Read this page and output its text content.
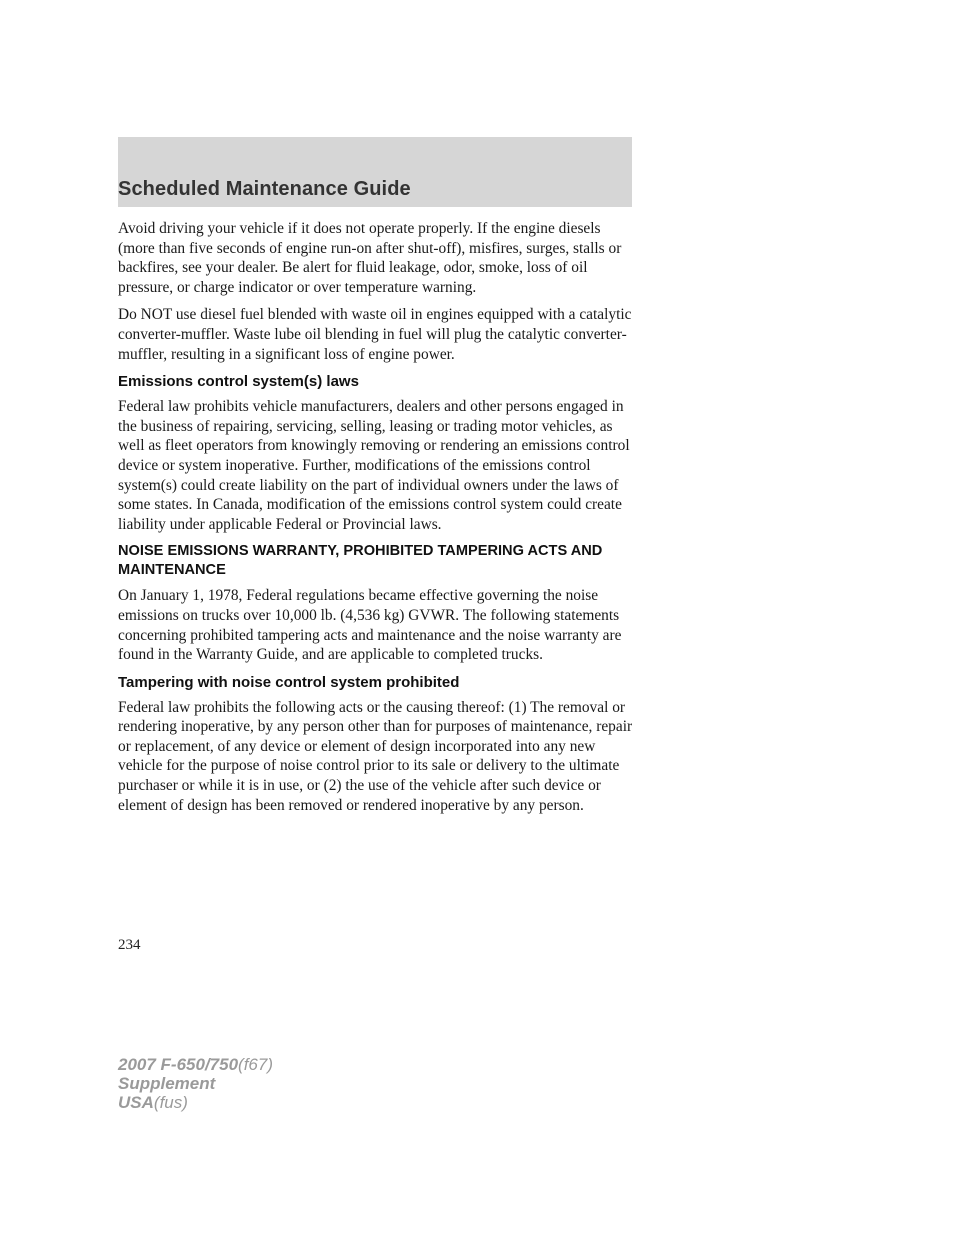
Scheduled Maintenance Guide

Avoid driving your vehicle if it does not operate properly. If the engine diesels (more than five seconds of engine run-on after shut-off), misfires, surges, stalls or backfires, see your dealer. Be alert for fluid leakage, odor, smoke, loss of oil pressure, or charge indicator or over temperature warning.

Do NOT use diesel fuel blended with waste oil in engines equipped with a catalytic converter-muffler. Waste lube oil blending in fuel will plug the catalytic converter-muffler, resulting in a significant loss of engine power.

Emissions control system(s) laws

Federal law prohibits vehicle manufacturers, dealers and other persons engaged in the business of repairing, servicing, selling, leasing or trading motor vehicles, as well as fleet operators from knowingly removing or rendering an emissions control device or system inoperative. Further, modifications of the emissions control system(s) could create liability on the part of individual owners under the laws of some states. In Canada, modification of the emissions control system could create liability under applicable Federal or Provincial laws.

NOISE EMISSIONS WARRANTY, PROHIBITED TAMPERING ACTS AND MAINTENANCE

On January 1, 1978, Federal regulations became effective governing the noise emissions on trucks over 10,000 lb. (4,536 kg) GVWR. The following statements concerning prohibited tampering acts and maintenance and the noise warranty are found in the Warranty Guide, and are applicable to completed trucks.

Tampering with noise control system prohibited

Federal law prohibits the following acts or the causing thereof: (1) The removal or rendering inoperative, by any person other than for purposes of maintenance, repair or replacement, of any device or element of design incorporated into any new vehicle for the purpose of noise control prior to its sale or delivery to the ultimate purchaser or while it is in use, or (2) the use of the vehicle after such device or element of design has been removed or rendered inoperative by any person.

234
2007 F-650/750(f67)
Supplement
USA(fus)
